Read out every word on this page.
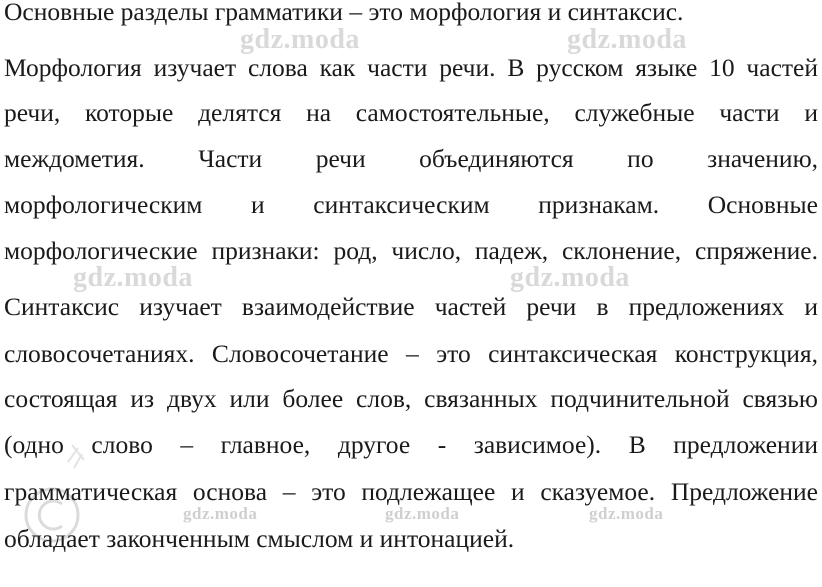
gdz.moda	gdz.moda
gdz.moda	gdz.moda
gdz.moda	gdz.moda	gdz.moda
Основные разделы грамматики – это морфология и синтаксис.
Морфология изучает слова как части речи. В русском языке 10 частей
речи, которые делятся на самостоятельные, служебные части и
междометия. Части речи объединяются по значению,
морфологическим и синтаксическим признакам. Основные
морфологические признаки: род, число, падеж, склонение, спряжение.
Синтаксис изучает взаимодействие частей речи в предложениях и
словосочетаниях. Словосочетание – это синтаксическая конструкция,
состоящая из двух или более слов, связанных подчинительной связью
(одно слово – главное, другое - зависимое). В предложении
грамматическая основа – это подлежащее и сказуемое. Предложение
обладает законченным смыслом и интонацией.
